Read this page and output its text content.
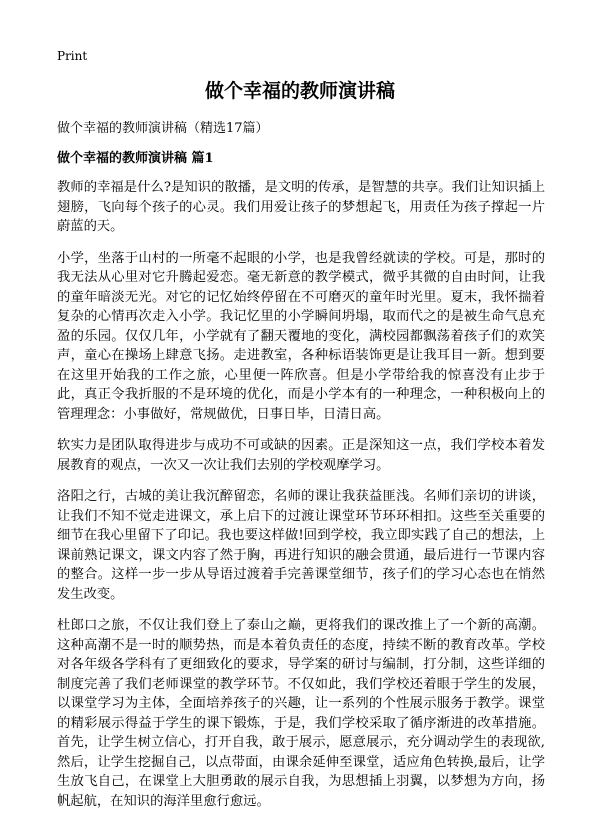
Print
做个幸福的教师演讲稿
做个幸福的教师演讲稿（精选17篇）
做个幸福的教师演讲稿 篇1

教师的幸福是什么?是知识的散播，是文明的传承，是智慧的共享。我们让知识插上翅膀，飞向每个孩子的心灵。我们用爱让孩子的梦想起飞，用责任为孩子撑起一片蔚蓝的天。

小学，坐落于山村的一所毫不起眼的小学，也是我曾经就读的学校。可是，那时的我无法从心里对它升腾起爱恋。毫无新意的教学模式，微乎其微的自由时间，让我的童年暗淡无光。对它的记忆始终停留在不可磨灭的童年时光里。夏末，我怀揣着复杂的心情再次走入小学。我记忆里的小学瞬间坍塌，取而代之的是被生命气息充盈的乐园。仅仅几年，小学就有了翻天覆地的变化，满校园都飘荡着孩子们的欢笑声，童心在操场上肆意飞扬。走进教室，各种标语装饰更是让我耳目一新。想到要在这里开始我的工作之旅，心里便一阵欣喜。但是小学带给我的惊喜没有止步于此，真正令我折服的不是环境的优化，而是小学本有的一种理念，一种积极向上的管理理念：小事做好，常规做优，日事日毕，日清日高。

软实力是团队取得进步与成功不可或缺的因素。正是深知这一点，我们学校本着发展教育的观点，一次又一次让我们去别的学校观摩学习。

洛阳之行，古城的美让我沉醉留恋，名师的课让我获益匪浅。名师们亲切的讲谈，让我们不知不觉走进课文，承上启下的过渡让课堂环节环环相扣。这些至关重要的细节在我心里留下了印记。我也要这样做!回到学校，我立即实践了自己的想法，上课前熟记课文，课文内容了然于胸，再进行知识的融会贯通，最后进行一节课内容的整合。这样一步一步从导语过渡着手完善课堂细节，孩子们的学习心态也在悄然发生改变。

杜郎口之旅，不仅让我们登上了泰山之巅，更将我们的课改推上了一个新的高潮。这种高潮不是一时的顺势热，而是本着负责任的态度，持续不断的教育改革。学校对各年级各学科有了更细致化的要求，导学案的研讨与编制，打分制，这些详细的制度完善了我们老师课堂的教学环节。不仅如此，我们学校还着眼于学生的发展，以课堂学习为主体，全面培养孩子的兴趣，让一系列的个性展示服务于教学。课堂的精彩展示得益于学生的课下锻炼，于是，我们学校采取了循序渐进的改革措施。首先，让学生树立信心，打开自我，敢于展示，愿意展示，充分调动学生的表现欲,然后，让学生挖掘自己，以点带面，由课余延伸至课堂，适应角色转换,最后，让学生放飞自己，在课堂上大胆勇敢的展示自我，为思想插上羽翼，以梦想为方向，扬帆起航，在知识的海洋里愈行愈远。
